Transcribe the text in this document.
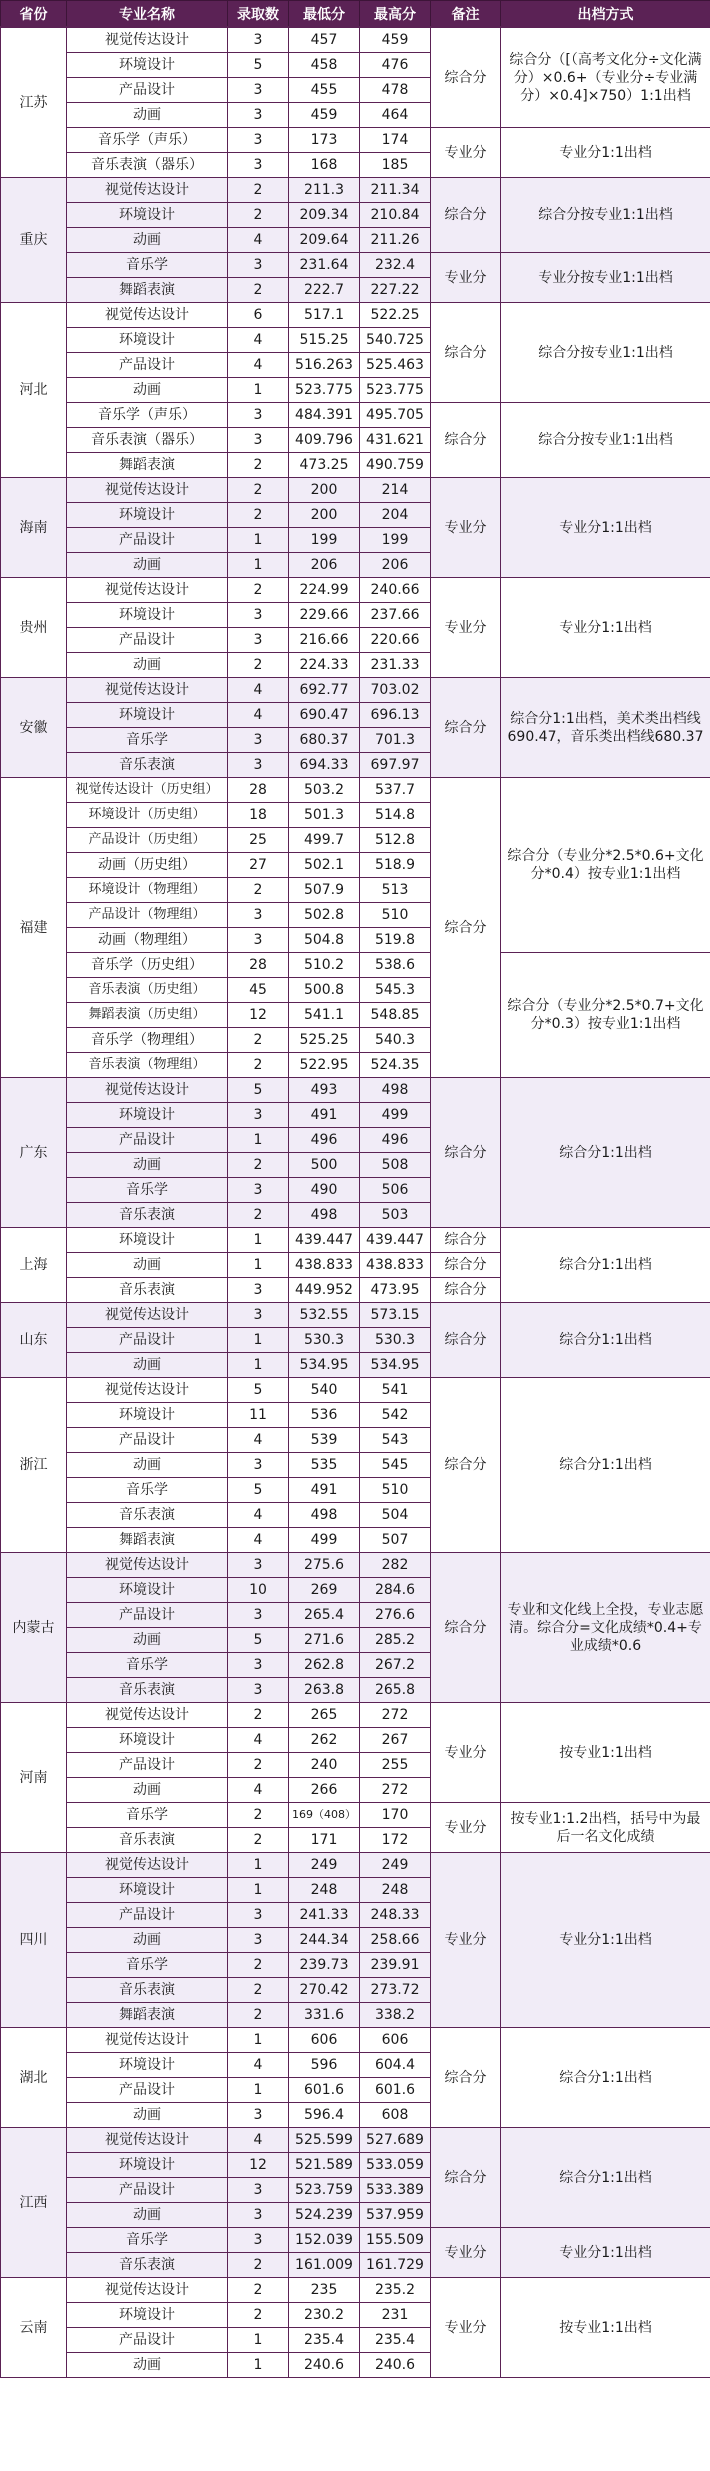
省份	专业名称	录取数	最低分	最高分	备注	出档方式
江苏	视觉传达设计	3	457	459	综合分	综合分（[（高考文化分÷文化满分）×0.6+（专业分÷专业满分）×0.4]×750）1:1出档
	环境设计	5	458	476		
	产品设计	3	455	478		
	动画	3	459	464		
	音乐学（声乐）	3	173	174	专业分	专业分1:1出档
	音乐表演（器乐）	3	168	185		
重庆	视觉传达设计	2	211.3	211.34	综合分	综合分按专业1:1出档
	环境设计	2	209.34	210.84		
	动画	4	209.64	211.26		
	音乐学	3	231.64	232.4	专业分	专业分按专业1:1出档
	舞蹈表演	2	222.7	227.22		
河北	视觉传达设计	6	517.1	522.25	综合分	综合分按专业1:1出档
	环境设计	4	515.25	540.725		
	产品设计	4	516.263	525.463		
	动画	1	523.775	523.775		
	音乐学（声乐）	3	484.391	495.705	综合分	综合分按专业1:1出档
	音乐表演（器乐）	3	409.796	431.621		
	舞蹈表演	2	473.25	490.759		
海南	视觉传达设计	2	200	214	专业分	专业分1:1出档
	环境设计	2	200	204		
	产品设计	1	199	199		
	动画	1	206	206		
贵州	视觉传达设计	2	224.99	240.66	专业分	专业分1:1出档
	环境设计	3	229.66	237.66		
	产品设计	3	216.66	220.66		
	动画	2	224.33	231.33		
安徽	视觉传达设计	4	692.77	703.02	综合分	综合分1:1出档，美术类出档线690.47，音乐类出档线680.37
	环境设计	4	690.47	696.13		
	音乐学	3	680.37	701.3		
	音乐表演	3	694.33	697.97		
福建	视觉传达设计（历史组）	28	503.2	537.7	综合分	综合分（专业分*2.5*0.6+文化分*0.4）按专业1:1出档
	环境设计（历史组）	18	501.3	514.8		
	产品设计（历史组）	25	499.7	512.8		
	动画（历史组）	27	502.1	518.9		
	环境设计（物理组）	2	507.9	513		
	产品设计（物理组）	3	502.8	510		
	动画（物理组）	3	504.8	519.8		
	音乐学（历史组）	28	510.2	538.6		综合分（专业分*2.5*0.7+文化分*0.3）按专业1:1出档
	音乐表演（历史组）	45	500.8	545.3		
	舞蹈表演（历史组）	12	541.1	548.85		
	音乐学（物理组）	2	525.25	540.3		
	音乐表演（物理组）	2	522.95	524.35		
广东	视觉传达设计	5	493	498	综合分	综合分1:1出档
	环境设计	3	491	499		
	产品设计	1	496	496		
	动画	2	500	508		
	音乐学	3	490	506		
	音乐表演	2	498	503		
上海	环境设计	1	439.447	439.447	综合分	综合分1:1出档
	动画	1	438.833	438.833	综合分	
	音乐表演	3	449.952	473.95	综合分	
山东	视觉传达设计	3	532.55	573.15	综合分	综合分1:1出档
	产品设计	1	530.3	530.3		
	动画	1	534.95	534.95		
浙江	视觉传达设计	5	540	541	综合分	综合分1:1出档
	环境设计	11	536	542		
	产品设计	4	539	543		
	动画	3	535	545		
	音乐学	5	491	510		
	音乐表演	4	498	504		
	舞蹈表演	4	499	507		
内蒙古	视觉传达设计	3	275.6	282	综合分	专业和文化线上全投，专业志愿清。综合分=文化成绩*0.4+专业成绩*0.6
	环境设计	10	269	284.6		
	产品设计	3	265.4	276.6		
	动画	5	271.6	285.2		
	音乐学	3	262.8	267.2		
	音乐表演	3	263.8	265.8		
河南	视觉传达设计	2	265	272	专业分	按专业1:1出档
	环境设计	4	262	267		
	产品设计	2	240	255		
	动画	4	266	272		
	音乐学	2	169（408）	170	专业分	按专业1:1.2出档，括号中为最后一名文化成绩
	音乐表演	2	171	172		
四川	视觉传达设计	1	249	249	专业分	专业分1:1出档
	环境设计	1	248	248		
	产品设计	3	241.33	248.33		
	动画	3	244.34	258.66		
	音乐学	2	239.73	239.91		
	音乐表演	2	270.42	273.72		
	舞蹈表演	2	331.6	338.2		
湖北	视觉传达设计	1	606	606	综合分	综合分1:1出档
	环境设计	4	596	604.4		
	产品设计	1	601.6	601.6		
	动画	3	596.4	608		
江西	视觉传达设计	4	525.599	527.689	综合分	综合分1:1出档
	环境设计	12	521.589	533.059		
	产品设计	3	523.759	533.389		
	动画	3	524.239	537.959		
	音乐学	3	152.039	155.509	专业分	专业分1:1出档
	音乐表演	2	161.009	161.729		
云南	视觉传达设计	2	235	235.2	专业分	按专业1:1出档
	环境设计	2	230.2	231		
	产品设计	1	235.4	235.4		
	动画	1	240.6	240.6		
